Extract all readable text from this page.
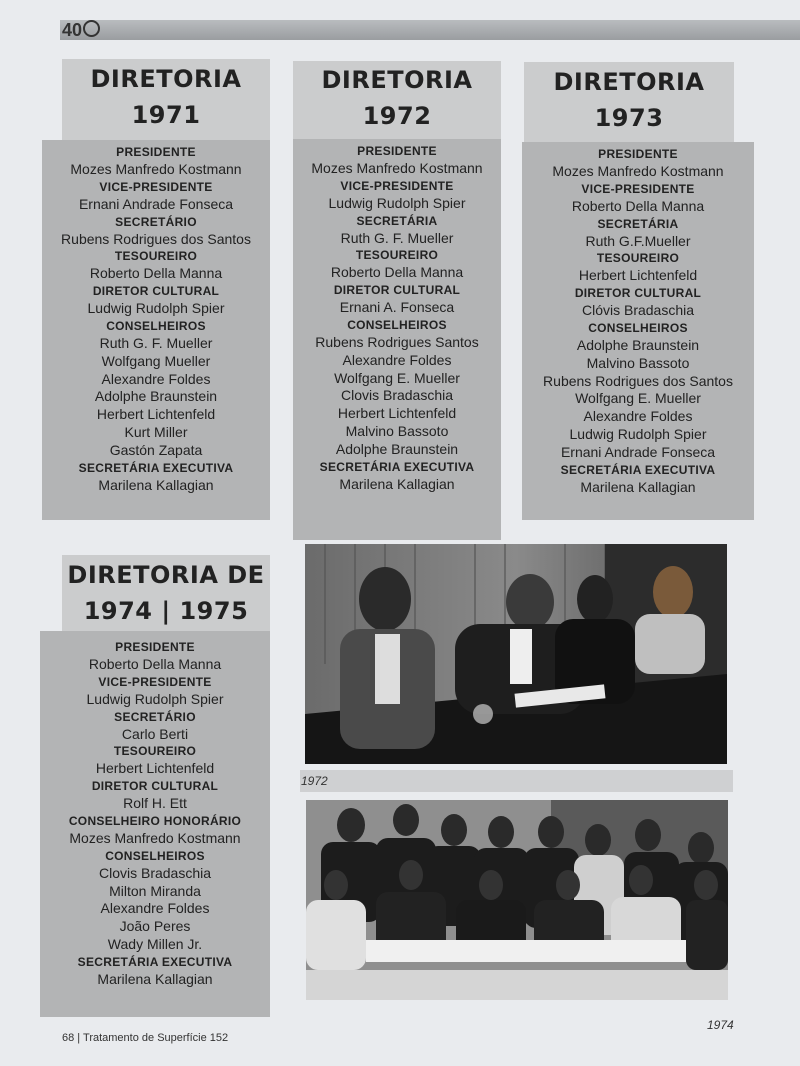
40
DIRETORIA
1971
PRESIDENTE
Mozes Manfredo Kostmann
VICE-PRESIDENTE
Ernani Andrade Fonseca
SECRETÁRIO
Rubens Rodrigues dos Santos
TESOUREIRO
Roberto Della Manna
DIRETOR CULTURAL
Ludwig Rudolph Spier
CONSELHEIROS
Ruth G. F. Mueller
Wolfgang Mueller
Alexandre Foldes
Adolphe Braunstein
Herbert Lichtenfeld
Kurt Miller
Gastón Zapata
SECRETÁRIA EXECUTIVA
Marilena Kallagian
DIRETORIA
1972
PRESIDENTE
Mozes Manfredo Kostmann
VICE-PRESIDENTE
Ludwig Rudolph Spier
SECRETÁRIA
Ruth G. F. Mueller
TESOUREIRO
Roberto Della Manna
DIRETOR CULTURAL
Ernani A. Fonseca
CONSELHEIROS
Rubens Rodrigues Santos
Alexandre Foldes
Wolfgang E. Mueller
Clovis Bradaschia
Herbert Lichtenfeld
Malvino Bassoto
Adolphe Braunstein
SECRETÁRIA EXECUTIVA
Marilena Kallagian
DIRETORIA
1973
PRESIDENTE
Mozes Manfredo Kostmann
VICE-PRESIDENTE
Roberto Della Manna
SECRETÁRIA
Ruth G.F.Mueller
TESOUREIRO
Herbert Lichtenfeld
DIRETOR CULTURAL
Clóvis Bradaschia
CONSELHEIROS
Adolphe Braunstein
Malvino Bassoto
Rubens Rodrigues dos Santos
Wolfgang E. Mueller
Alexandre Foldes
Ludwig Rudolph Spier
Ernani Andrade Fonseca
SECRETÁRIA EXECUTIVA
Marilena Kallagian
DIRETORIA DE
1974 | 1975
PRESIDENTE
Roberto Della Manna
VICE-PRESIDENTE
Ludwig Rudolph Spier
SECRETÁRIO
Carlo Berti
TESOUREIRO
Herbert Lichtenfeld
DIRETOR CULTURAL
Rolf H. Ett
CONSELHEIRO HONORÁRIO
Mozes Manfredo Kostmann
CONSELHEIROS
Clovis Bradaschia
Milton Miranda
Alexandre Foldes
João Peres
Wady Millen Jr.
SECRETÁRIA EXECUTIVA
Marilena Kallagian
1972
1974
68 | Tratamento de Superfície 152
